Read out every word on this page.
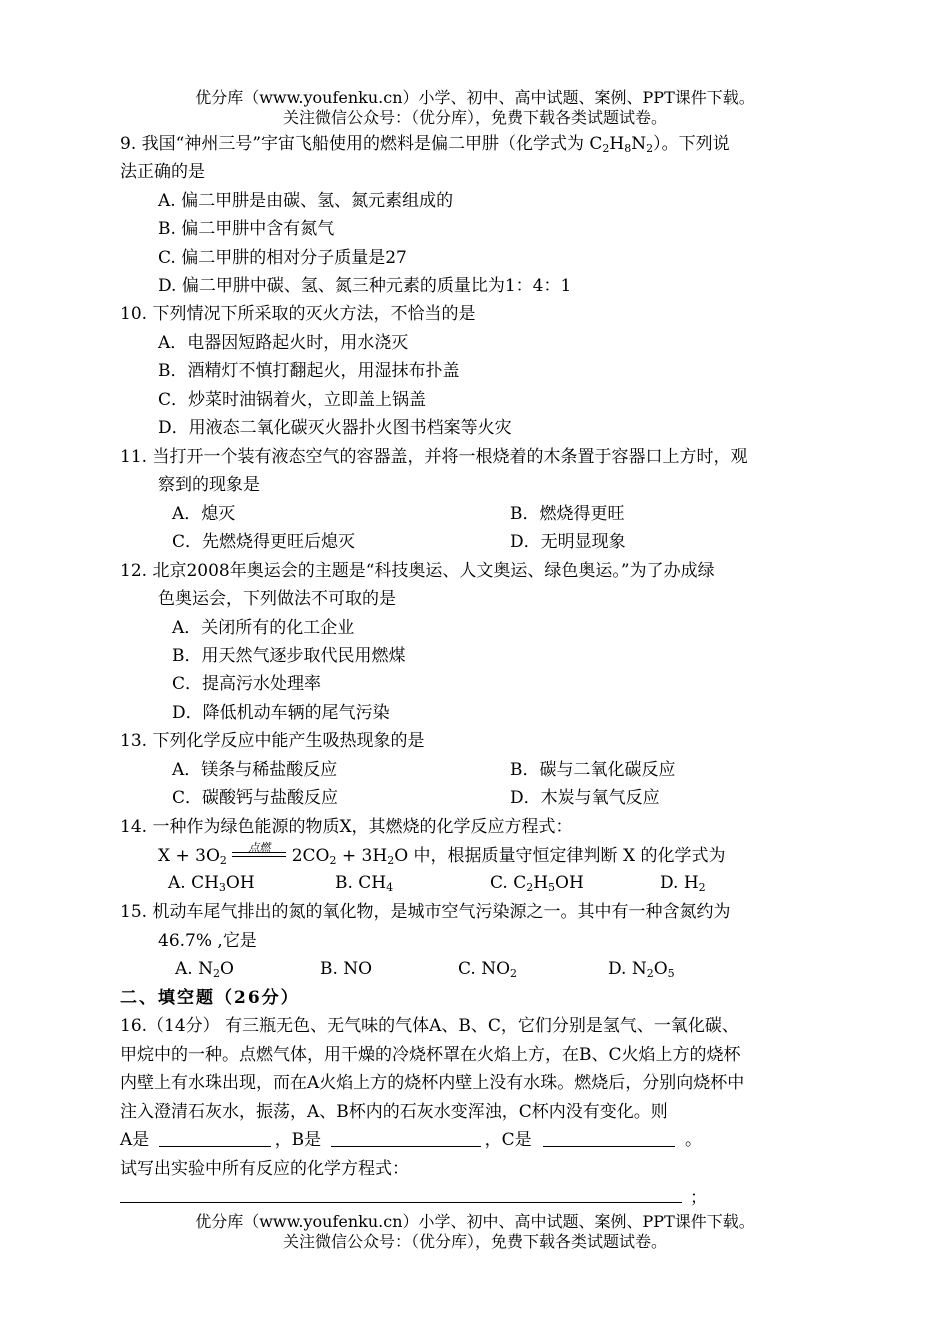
优分库（www.youfenku.cn）小学、初中、高中试题、案例、PPT课件下载。
关注微信公众号：（优分库），免费下载各类试题试卷。
9. 我国“神州三号”宇宙飞船使用的燃料是偏二甲肼（化学式为 $C_2H_8N_2$）。下列说
法正确的是
A. 偏二甲肼是由碳、氢、氮元素组成的
B. 偏二甲肼中含有氮气
C. 偏二甲肼的相对分子质量是27
D. 偏二甲肼中碳、氢、氮三种元素的质量比为1：4：1
10. 下列情况下所采取的灭火方法，不恰当的是
A．电器因短路起火时，用水浇灭
B．酒精灯不慎打翻起火，用湿抹布扑盖
C．炒菜时油锅着火，立即盖上锅盖
D．用液态二氧化碳灭火器扑火图书档案等火灾
11. 当打开一个装有液态空气的容器盖，并将一根烧着的木条置于容器口上方时，观
察到的现象是
A．熄灭	B．燃烧得更旺
C．先燃烧得更旺后熄灭	D．无明显现象
12. 北京2008年奥运会的主题是“科技奥运、人文奥运、绿色奥运。”为了办成绿
色奥运会，下列做法不可取的是
A．关闭所有的化工企业
B．用天然气逐步取代民用燃煤
C．提高污水处理率
D．降低机动车辆的尾气污染
13. 下列化学反应中能产生吸热现象的是
A．镁条与稀盐酸反应	B．碳与二氧化碳反应
C．碳酸钙与盐酸反应	D．木炭与氧气反应
14. 一种作为绿色能源的物质X，其燃烧的化学反应方程式：
$X + 3O_2$
点燃	$2CO_2 + 3H_2O$ 中，根据质量守恒定律判断 X 的化学式为
A. $CH_3OH$	B. $CH_4$	C. $C_2H_5OH$	D. $H_2$
15. 机动车尾气排出的氮的氧化物，是城市空气污染源之一。其中有一种含氮约为
46.7% ,它是
A. $N_2O$	B. NO	C. $NO_2$	D. $N_2O_5$
二、填空题（26分）
16.（14分） 有三瓶无色、无气味的气体A、B、C，它们分别是氢气、一氧化碳、
甲烷中的一种。点燃气体，用干燥的冷烧杯罩在火焰上方，在B、C火焰上方的烧杯
内壁上有水珠出现，而在A火焰上方的烧杯内壁上没有水珠。燃烧后，分别向烧杯中
注入澄清石灰水，振荡，A、B杯内的石灰水变浑浊，C杯内没有变化。则
A是	，B是	，C是	。
试写出实验中所有反应的化学方程式：
；
优分库（www.youfenku.cn）小学、初中、高中试题、案例、PPT课件下载。
关注微信公众号：（优分库），免费下载各类试题试卷。
